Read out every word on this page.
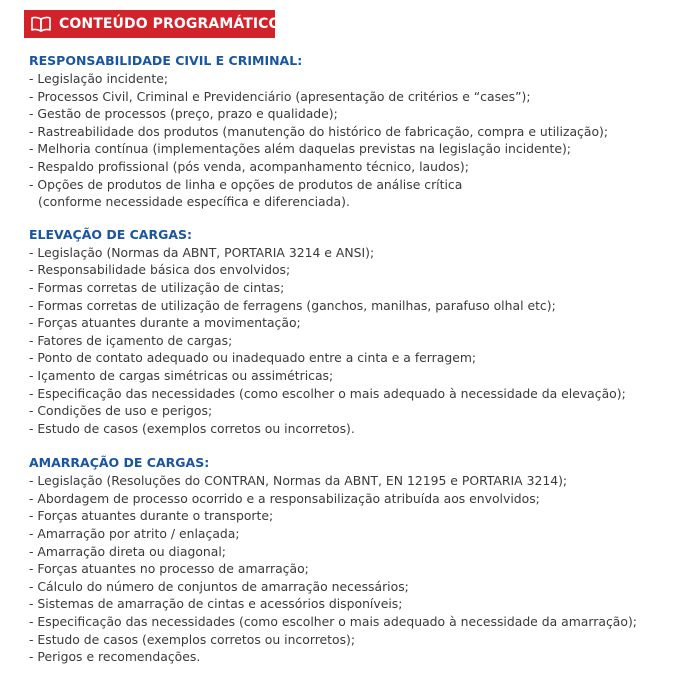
CONTEÚDO PROGRAMÁTICO
RESPONSABILIDADE CIVIL E CRIMINAL:
- Legislação incidente;
- Processos Civil, Criminal e Previdenciário (apresentação de critérios e “cases”);
- Gestão de processos (preço, prazo e qualidade);
- Rastreabilidade dos produtos (manutenção do histórico de fabricação, compra e utilização);
- Melhoria contínua (implementações além daquelas previstas na legislação incidente);
- Respaldo profissional (pós venda, acompanhamento técnico, laudos);
- Opções de produtos de linha e opções de produtos de análise crítica
(conforme necessidade específica e diferenciada).
ELEVAÇÃO DE CARGAS:
- Legislação (Normas da ABNT, PORTARIA 3214 e ANSI);
- Responsabilidade básica dos envolvidos;
- Formas corretas de utilização de cintas;
- Formas corretas de utilização de ferragens (ganchos, manilhas, parafuso olhal etc);
- Forças atuantes durante a movimentação;
- Fatores de içamento de cargas;
- Ponto de contato adequado ou inadequado entre a cinta e a ferragem;
- Içamento de cargas simétricas ou assimétricas;
- Especificação das necessidades (como escolher o mais adequado à necessidade da elevação);
- Condições de uso e perigos;
- Estudo de casos (exemplos corretos ou incorretos).
AMARRAÇÃO DE CARGAS:
- Legislação (Resoluções do CONTRAN, Normas da ABNT, EN 12195 e PORTARIA 3214);
- Abordagem de processo ocorrido e a responsabilização atribuída aos envolvidos;
- Forças atuantes durante o transporte;
- Amarração por atrito / enlaçada;
- Amarração direta ou diagonal;
- Forças atuantes no processo de amarração;
- Cálculo do número de conjuntos de amarração necessários;
- Sistemas de amarração de cintas e acessórios disponíveis;
- Especificação das necessidades (como escolher o mais adequado à necessidade da amarração);
- Estudo de casos (exemplos corretos ou incorretos);
- Perigos e recomendações.
